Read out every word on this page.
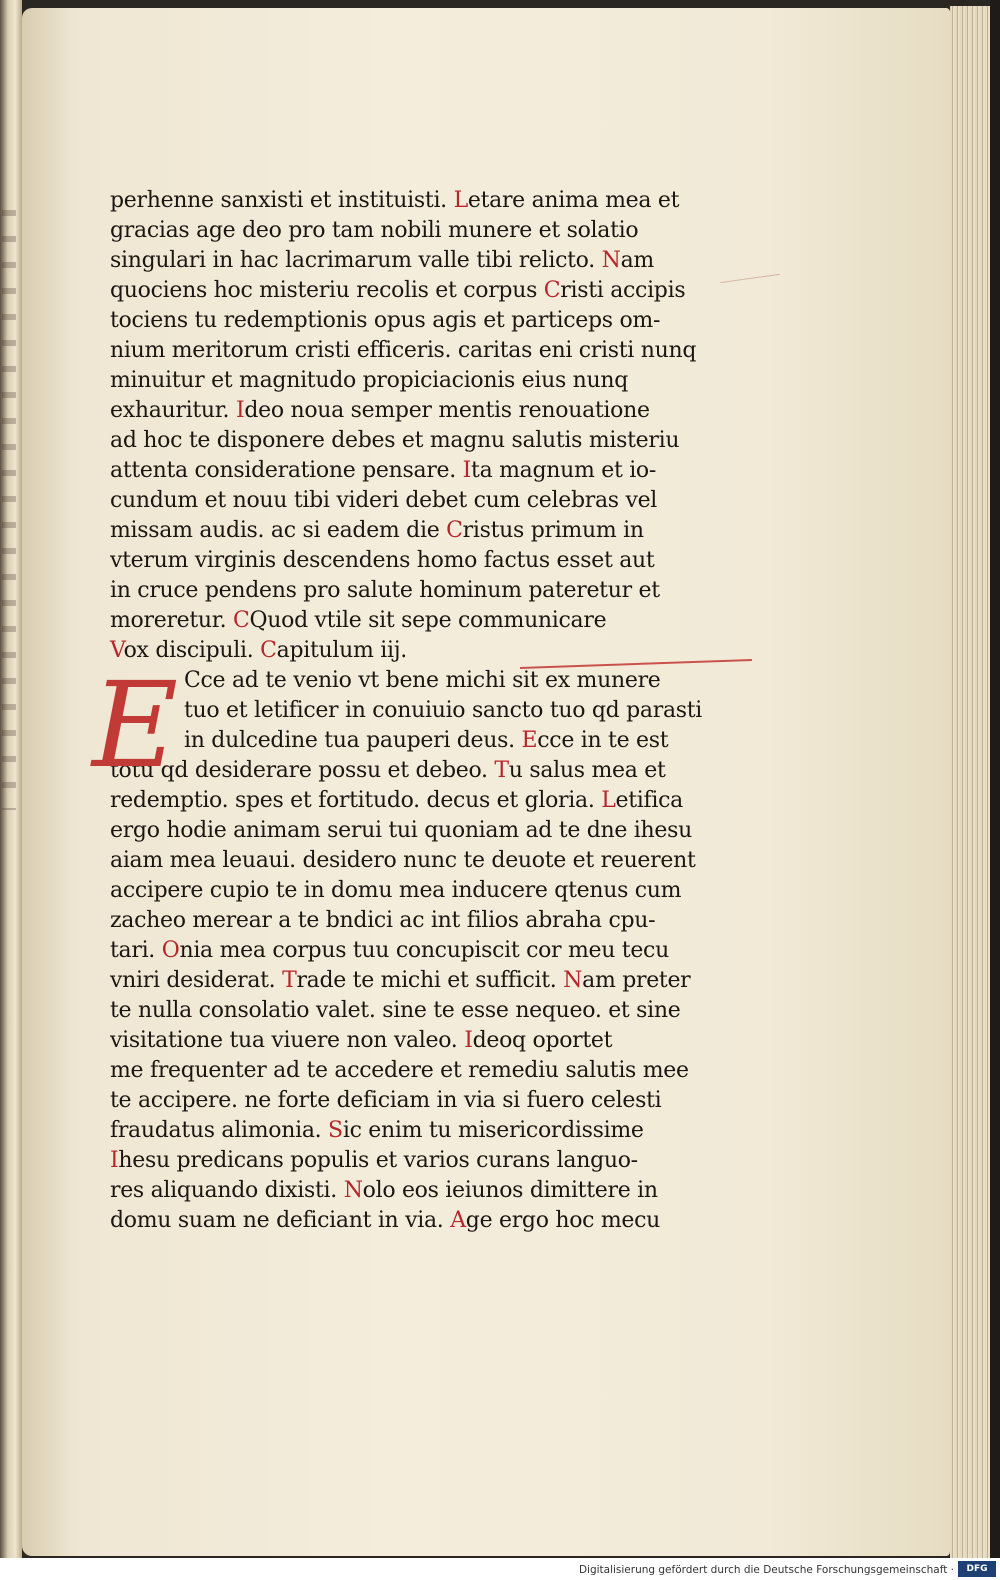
perhenne sanxisti et instituisti. Letare anima mea et
gracias age deo pro tam nobili munere et solatio
singulari in hac lacrimarum valle tibi relicto. Nam
quociens hoc misteriu recolis et corpus Cristi accipis
tociens tu redemptionis opus agis et particeps om-
nium meritorum cristi efficeris. caritas eni cristi nunq
minuitur et magnitudo propiciacionis eius nunq
exhauritur. Ideo noua semper mentis renouatione
ad hoc te disponere debes et magnu salutis misteriu
attenta consideratione pensare. Ita magnum et io-
cundum et nouu tibi videri debet cum celebras vel
missam audis. ac si eadem die Cristus primum in
vterum virginis descendens homo factus esset aut
in cruce pendens pro salute hominum pateretur et
moreretur. CQuod vtile sit sepe communicare
Vox discipuli. Capitulum iij.
Cce ad te venio vt bene michi sit ex munere
tuo et letificer in conuiuio sancto tuo qd parasti
in dulcedine tua pauperi deus. Ecce in te est
totu qd desiderare possu et debeo. Tu salus mea et
redemptio. spes et fortitudo. decus et gloria. Letifica
ergo hodie animam serui tui quoniam ad te dne ihesu
aiam mea leuaui. desidero nunc te deuote et reuerent
accipere cupio te in domu mea inducere qtenus cum
zacheo merear a te bndici ac int filios abraha cpu-
tari. Onia mea corpus tuu concupiscit cor meu tecu
vniri desiderat. Trade te michi et sufficit. Nam preter
te nulla consolatio valet. sine te esse nequeo. et sine
visitatione tua viuere non valeo. Ideoq oportet
me frequenter ad te accedere et remediu salutis mee
te accipere. ne forte deficiam in via si fuero celesti
fraudatus alimonia. Sic enim tu misericordissime
Ihesu predicans populis et varios curans languo-
res aliquando dixisti. Nolo eos ieiunos dimittere in
domu suam ne deficiant in via. Age ergo hoc mecu
E
Digitalisierung gefördert durch die Deutsche Forschungsgemeinschaft ·	DFG
